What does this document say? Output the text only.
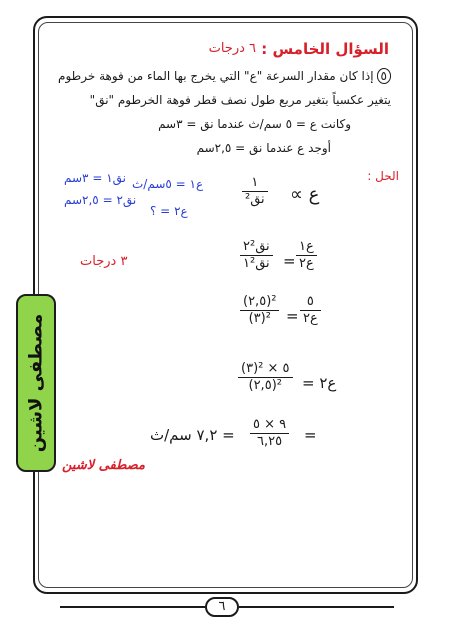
السؤال الخامس :
٦ درجات
٥إذا كان مقدار السرعة "ع" التي يخرج بها الماء من فوهة خرطوم
يتغير عكسياً بتغير مربع طول نصف قطر فوهة الخرطوم "نق"
وكانت ع = ٥ سم/ث عندما نق = ٣سم
أوجد ع عندما نق = ٢,٥سم
الحل :
نق١ = ٣سم
نق٢ = ٢,٥سم
ع١ = ٥سم/ث
ع٢ = ؟
٣ درجات
١
نق² ع ∝
نق٢²
نق١² =
ع١
ع٢
(٢,٥)²
(٣)² =
٥
ع٢
(٣)² × ٥
(٢,٥)² ع٢ =
= ٧,٢ سم/ث
٩ × ٥
٦,٢٥ =
مصطفى لاشين
مصطفى لاشين
٦
